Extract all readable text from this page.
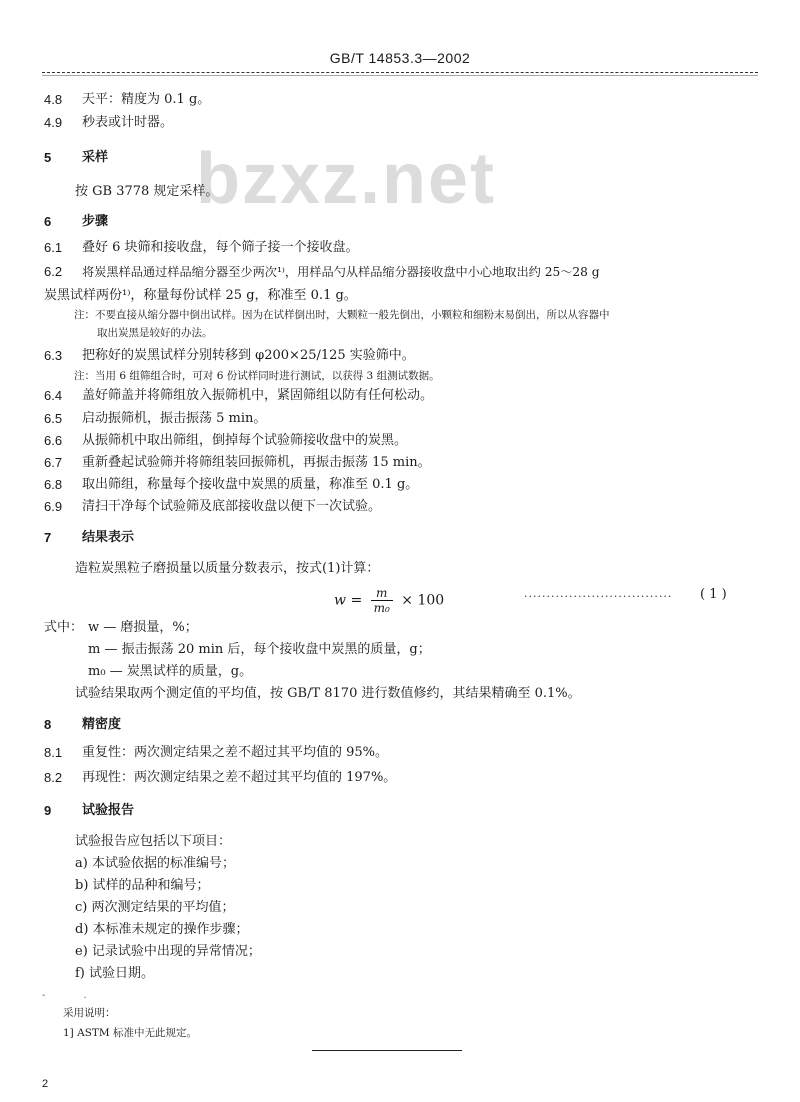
GB/T 14853.3—2002
bzxz.net
4.8 天平：精度为 0.1 g。
4.9 秒表或计时器。
5 采样
按 GB 3778 规定采样。
6 步骤
6.1 叠好 6 块筛和接收盘，每个筛子接一个接收盘。
6.2 将炭黑样品通过样品缩分器至少两次¹⁾，用样品勺从样品缩分器接收盘中小心地取出约 25～28 g
炭黑试样两份¹⁾，称量每份试样 25 g，称准至 0.1 g。
注：不要直接从缩分器中倒出试样。因为在试样倒出时，大颗粒一般先倒出，小颗粒和细粉末易倒出，所以从容器中
取出炭黑是较好的办法。
6.3 把称好的炭黑试样分别转移到 φ200×25/125 实验筛中。
注：当用 6 组筛组合时，可对 6 份试样同时进行测试，以获得 3 组测试数据。
6.4 盖好筛盖并将筛组放入振筛机中，紧固筛组以防有任何松动。
6.5 启动振筛机，振击振荡 5 min。
6.6 从振筛机中取出筛组，倒掉每个试验筛接收盘中的炭黑。
6.7 重新叠起试验筛并将筛组装回振筛机，再振击振荡 15 min。
6.8 取出筛组，称量每个接收盘中炭黑的质量，称准至 0.1 g。
6.9 清扫干净每个试验筛及底部接收盘以便下一次试验。
7 结果表示
造粒炭黑粒子磨损量以质量分数表示，按式(1)计算：
$w = \frac{m}{\text{m₀}} \times 100$	································· ( 1 )
式中： w — 磨损量，%；
m — 振击振荡 20 min 后，每个接收盘中炭黑的质量，g；
m₀ — 炭黑试样的质量，g。
试验结果取两个测定值的平均值，按 GB/T 8170 进行数值修约，其结果精确至 0.1%。
8 精密度
8.1 重复性：两次测定结果之差不超过其平均值的 95%。
8.2 再现性：两次测定结果之差不超过其平均值的 197%。
9 试验报告
试验报告应包括以下项目：
a) 本试验依据的标准编号；
b) 试样的品种和编号；
c) 两次测定结果的平均值；
d) 本标准未规定的操作步骤；
e) 记录试验中出现的异常情况；
f) 试验日期。
-            .
采用说明：
1] ASTM 标准中无此规定。
2
